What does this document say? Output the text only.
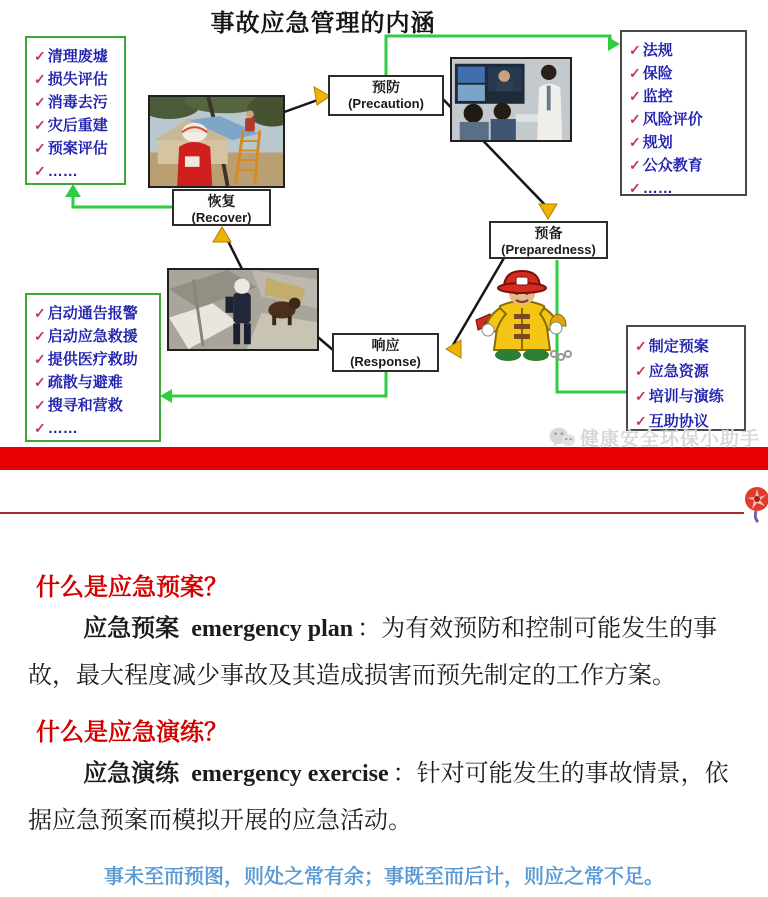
事故应急管理的内涵
✓ 清理废墟
✓ 损失评估
✓ 消毒去污
✓ 灾后重建
✓ 预案评估
✓ ……
✓ 法规
✓ 保险
✓ 监控
✓ 风险评价
✓ 规划
✓ 公众教育
✓ ……
✓ 启动通告报警
✓ 启动应急救援
✓ 提供医疗救助
✓ 疏散与避难
✓ 搜寻和营救
✓ ……
✓ 制定预案
✓ 应急资源
✓ 培训与演练
✓ 互助协议
预防
(Precaution)
预备
(Preparedness)
响应
(Response)
恢复
(Recover)
健康安全环保小助手
什么是应急预案？
应急预案 emergency plan ：为有效预防和控制可能发生的事故，最大程度减少事故及其造成损害而预先制定的工作方案。
什么是应急演练？
应急演练 emergency exercise ：针对可能发生的事故情景，依据应急预案而模拟开展的应急活动。
事未至而预图，则处之常有余；事既至而后计，则应之常不足。
